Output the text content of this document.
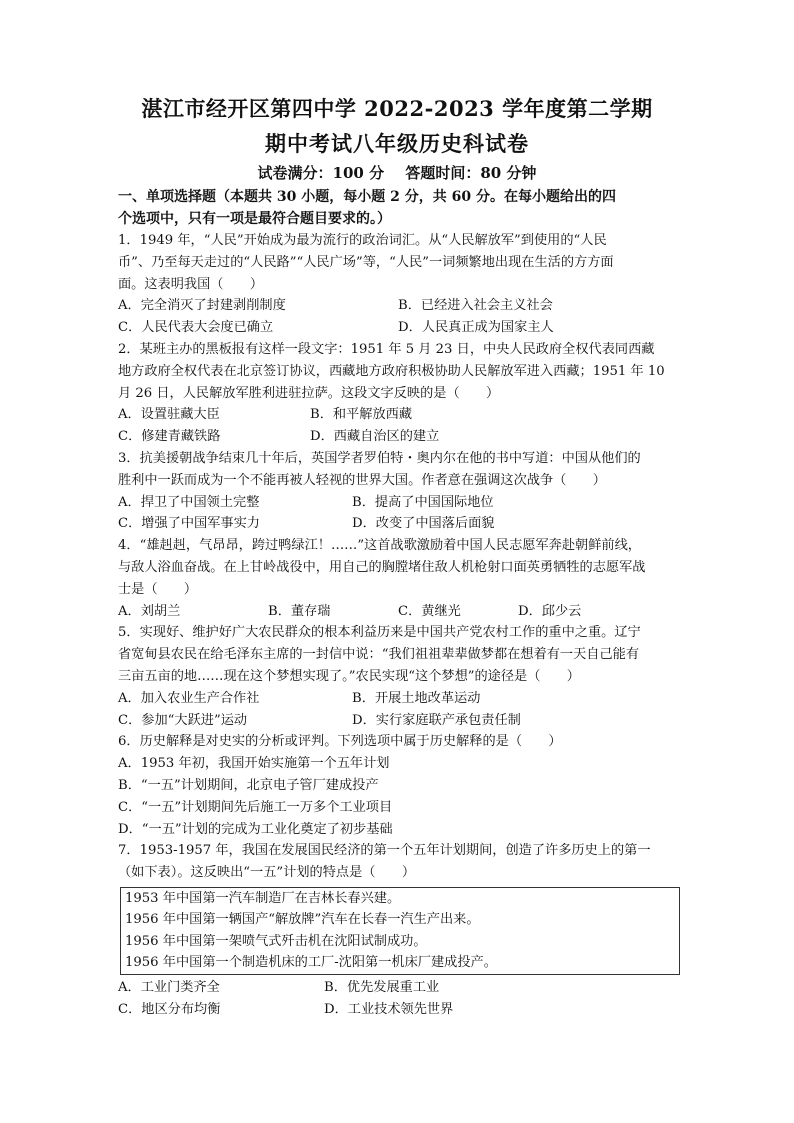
湛江市经开区第四中学 2022-2023 学年度第二学期
期中考试八年级历史科试卷
试卷满分：100 分 答题时间：80 分钟
一、单项选择题（本题共 30 小题，每小题 2 分，共 60 分。在每小题给出的四
个选项中，只有一项是最符合题目要求的。）
1．1949 年，“人民”开始成为最为流行的政治词汇。从“人民解放军”到使用的“人民
币”、乃至每天走过的“人民路”“人民广场”等，“人民”一词频繁地出现在生活的方方面
面。这表明我国（　　）
A．完全消灭了封建剥削制度	B．已经进入社会主义社会
C．人民代表大会度已确立	D．人民真正成为国家主人
2．某班主办的黑板报有这样一段文字：1951 年 5 月 23 日，中央人民政府全权代表同西藏
地方政府全权代表在北京签订协议，西藏地方政府积极协助人民解放军进入西藏；1951 年 10
月 26 日，人民解放军胜利进驻拉萨。这段文字反映的是（　　）
A．设置驻藏大臣	B．和平解放西藏
C．修建青藏铁路	D．西藏自治区的建立
3．抗美援朝战争结束几十年后，英国学者罗伯特・奥内尔在他的书中写道：中国从他们的
胜利中一跃而成为一个不能再被人轻视的世界大国。作者意在强调这次战争（　　）
A．捍卫了中国领土完整	B．提高了中国国际地位
C．增强了中国军事实力	D．改变了中国落后面貌
4．“雄赳赳，气昂昂，跨过鸭绿江！……”这首战歌激励着中国人民志愿军奔赴朝鲜前线，
与敌人浴血奋战。在上甘岭战役中，用自己的胸膛堵住敌人机枪射口面英勇牺牲的志愿军战
士是（　　）
A．刘胡兰	B．董存瑞	C．黄继光	D．邱少云
5．实现好、维护好广大农民群众的根本利益历来是中国共产党农村工作的重中之重。辽宁
省宽甸县农民在给毛泽东主席的一封信中说：“我们祖祖辈辈做梦都在想着有一天自己能有
三亩五亩的地……现在这个梦想实现了。”农民实现“这个梦想”的途径是（　　）
A．加入农业生产合作社	B．开展土地改革运动
C．参加“大跃进”运动	D．实行家庭联产承包责任制
6．历史解释是对史实的分析或评判。下列选项中属于历史解释的是（　　）
A．1953 年初，我国开始实施第一个五年计划
B．“一五”计划期间，北京电子管厂建成投产
C．“一五”计划期间先后施工一万多个工业项目
D．“一五”计划的完成为工业化奠定了初步基础
7．1953-1957 年，我国在发展国民经济的第一个五年计划期间，创造了许多历史上的第一
（如下表）。这反映出“一五”计划的特点是（　　）
1953 年中国第一汽车制造厂在吉林长春兴建。
1956 年中国第一辆国产“解放牌”汽车在长春一汽生产出来。
1956 年中国第一架喷气式歼击机在沈阳试制成功。
1956 年中国第一个制造机床的工厂-沈阳第一机床厂建成投产。
A．工业门类齐全	B．优先发展重工业
C．地区分布均衡	D．工业技术领先世界
